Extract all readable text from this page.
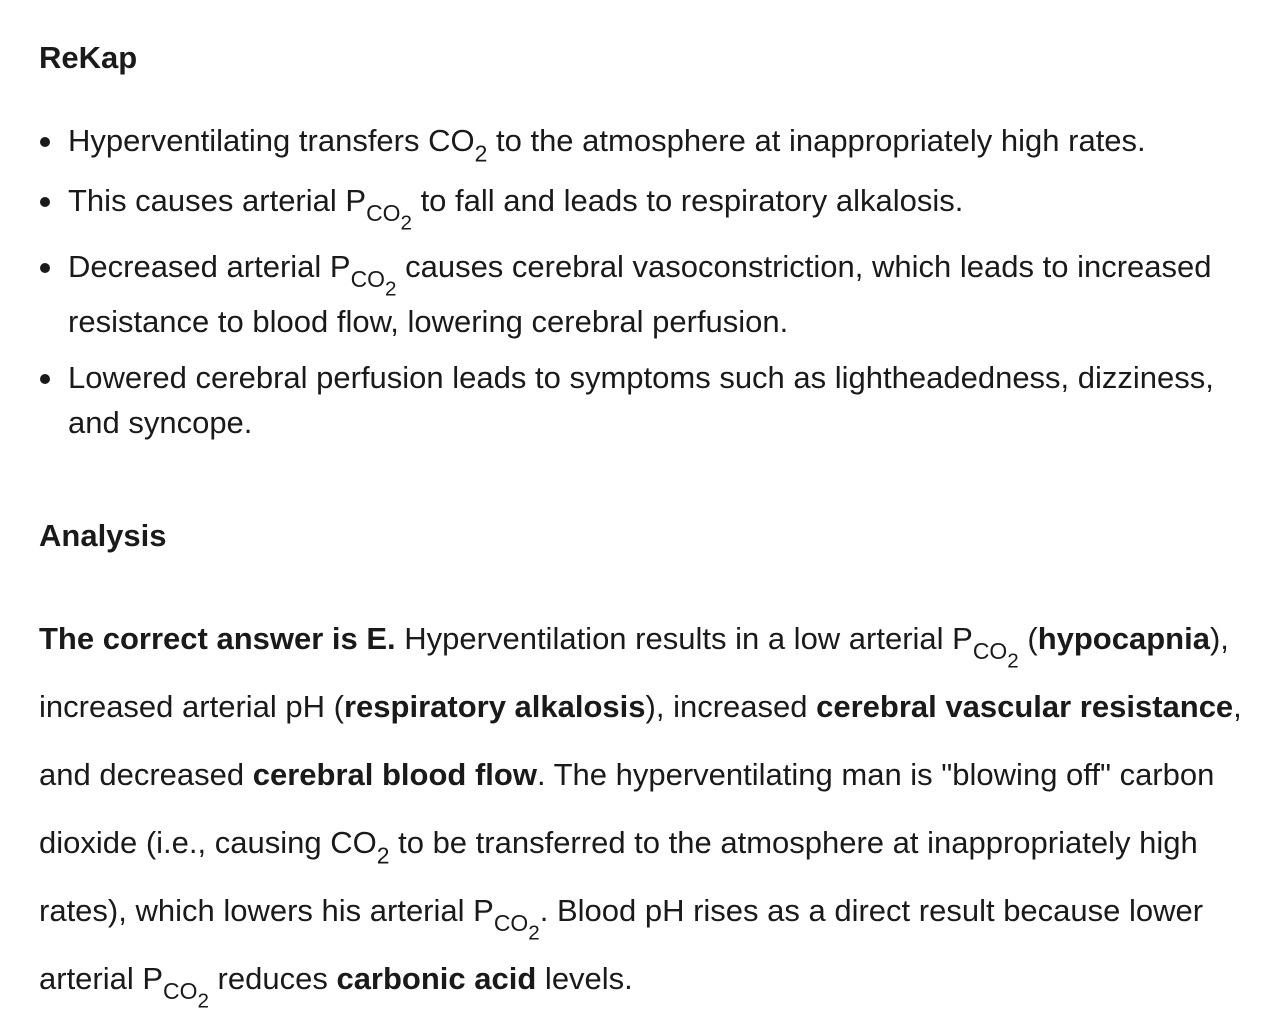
ReKap
Hyperventilating transfers $CO_2$ to the atmosphere at inappropriately high rates.
This causes arterial $P_{CO_2}$ to fall and leads to respiratory alkalosis.
Decreased arterial $P_{CO_2}$ causes cerebral vasoconstriction, which leads to increased resistance to blood flow, lowering cerebral perfusion.
Lowered cerebral perfusion leads to symptoms such as lightheadedness, dizziness, and syncope.
Analysis

The correct answer is E. Hyperventilation results in a low arterial $P_{CO_2}$ (hypocapnia), increased arterial pH (respiratory alkalosis), increased cerebral vascular resistance, and decreased cerebral blood flow. The hyperventilating man is "blowing off" carbon dioxide (i.e., causing $CO_2$ to be transferred to the atmosphere at inappropriately high rates), which lowers his arterial $P_{CO_2}$. Blood pH rises as a direct result because lower arterial $P_{CO_2}$ reduces carbonic acid levels.
